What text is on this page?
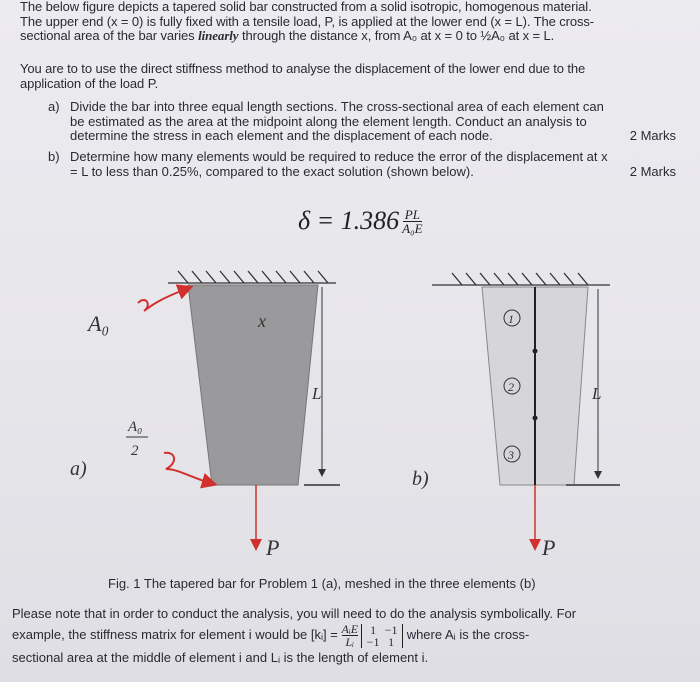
The below figure depicts a tapered solid bar constructed from a solid isotropic, homogenous material.
The upper end (x = 0) is fully fixed with a tensile load, P, is applied at the lower end (x = L). The cross-
sectional area of the bar varies linearly through the distance x, from A₀ at x = 0 to ½A₀ at x = L.
You are to to use the direct stiffness method to analyse the displacement of the lower end due to the
application of the load P.
a) Divide the bar into three equal length sections. The cross-sectional area of each element can
be estimated as the area at the midpoint along the element length. Conduct an analysis to
determine the stress in each element and the displacement of each node.	2 Marks
b) Determine how many elements would be required to reduce the error of the displacement at x
= L to less than 0.25%, compared to the exact solution (shown below).	2 Marks
$\delta = 1.386 \frac{PL}{\text{A₀E}}$
A₀
A₀
2
x
L	L
P	P
a)	b)
1
2
3
Fig. 1 The tapered bar for Problem 1 (a), meshed in the three elements (b)
Please note that in order to conduct the analysis, you will need to do the analysis symbolically. For
example, the stiffness matrix for element i would be [kᵢ] = AᵢE
Lᵢ

1 −1
−1 1 where Aᵢ is the cross-
sectional area at the middle of element i and Lᵢ is the length of element i.
